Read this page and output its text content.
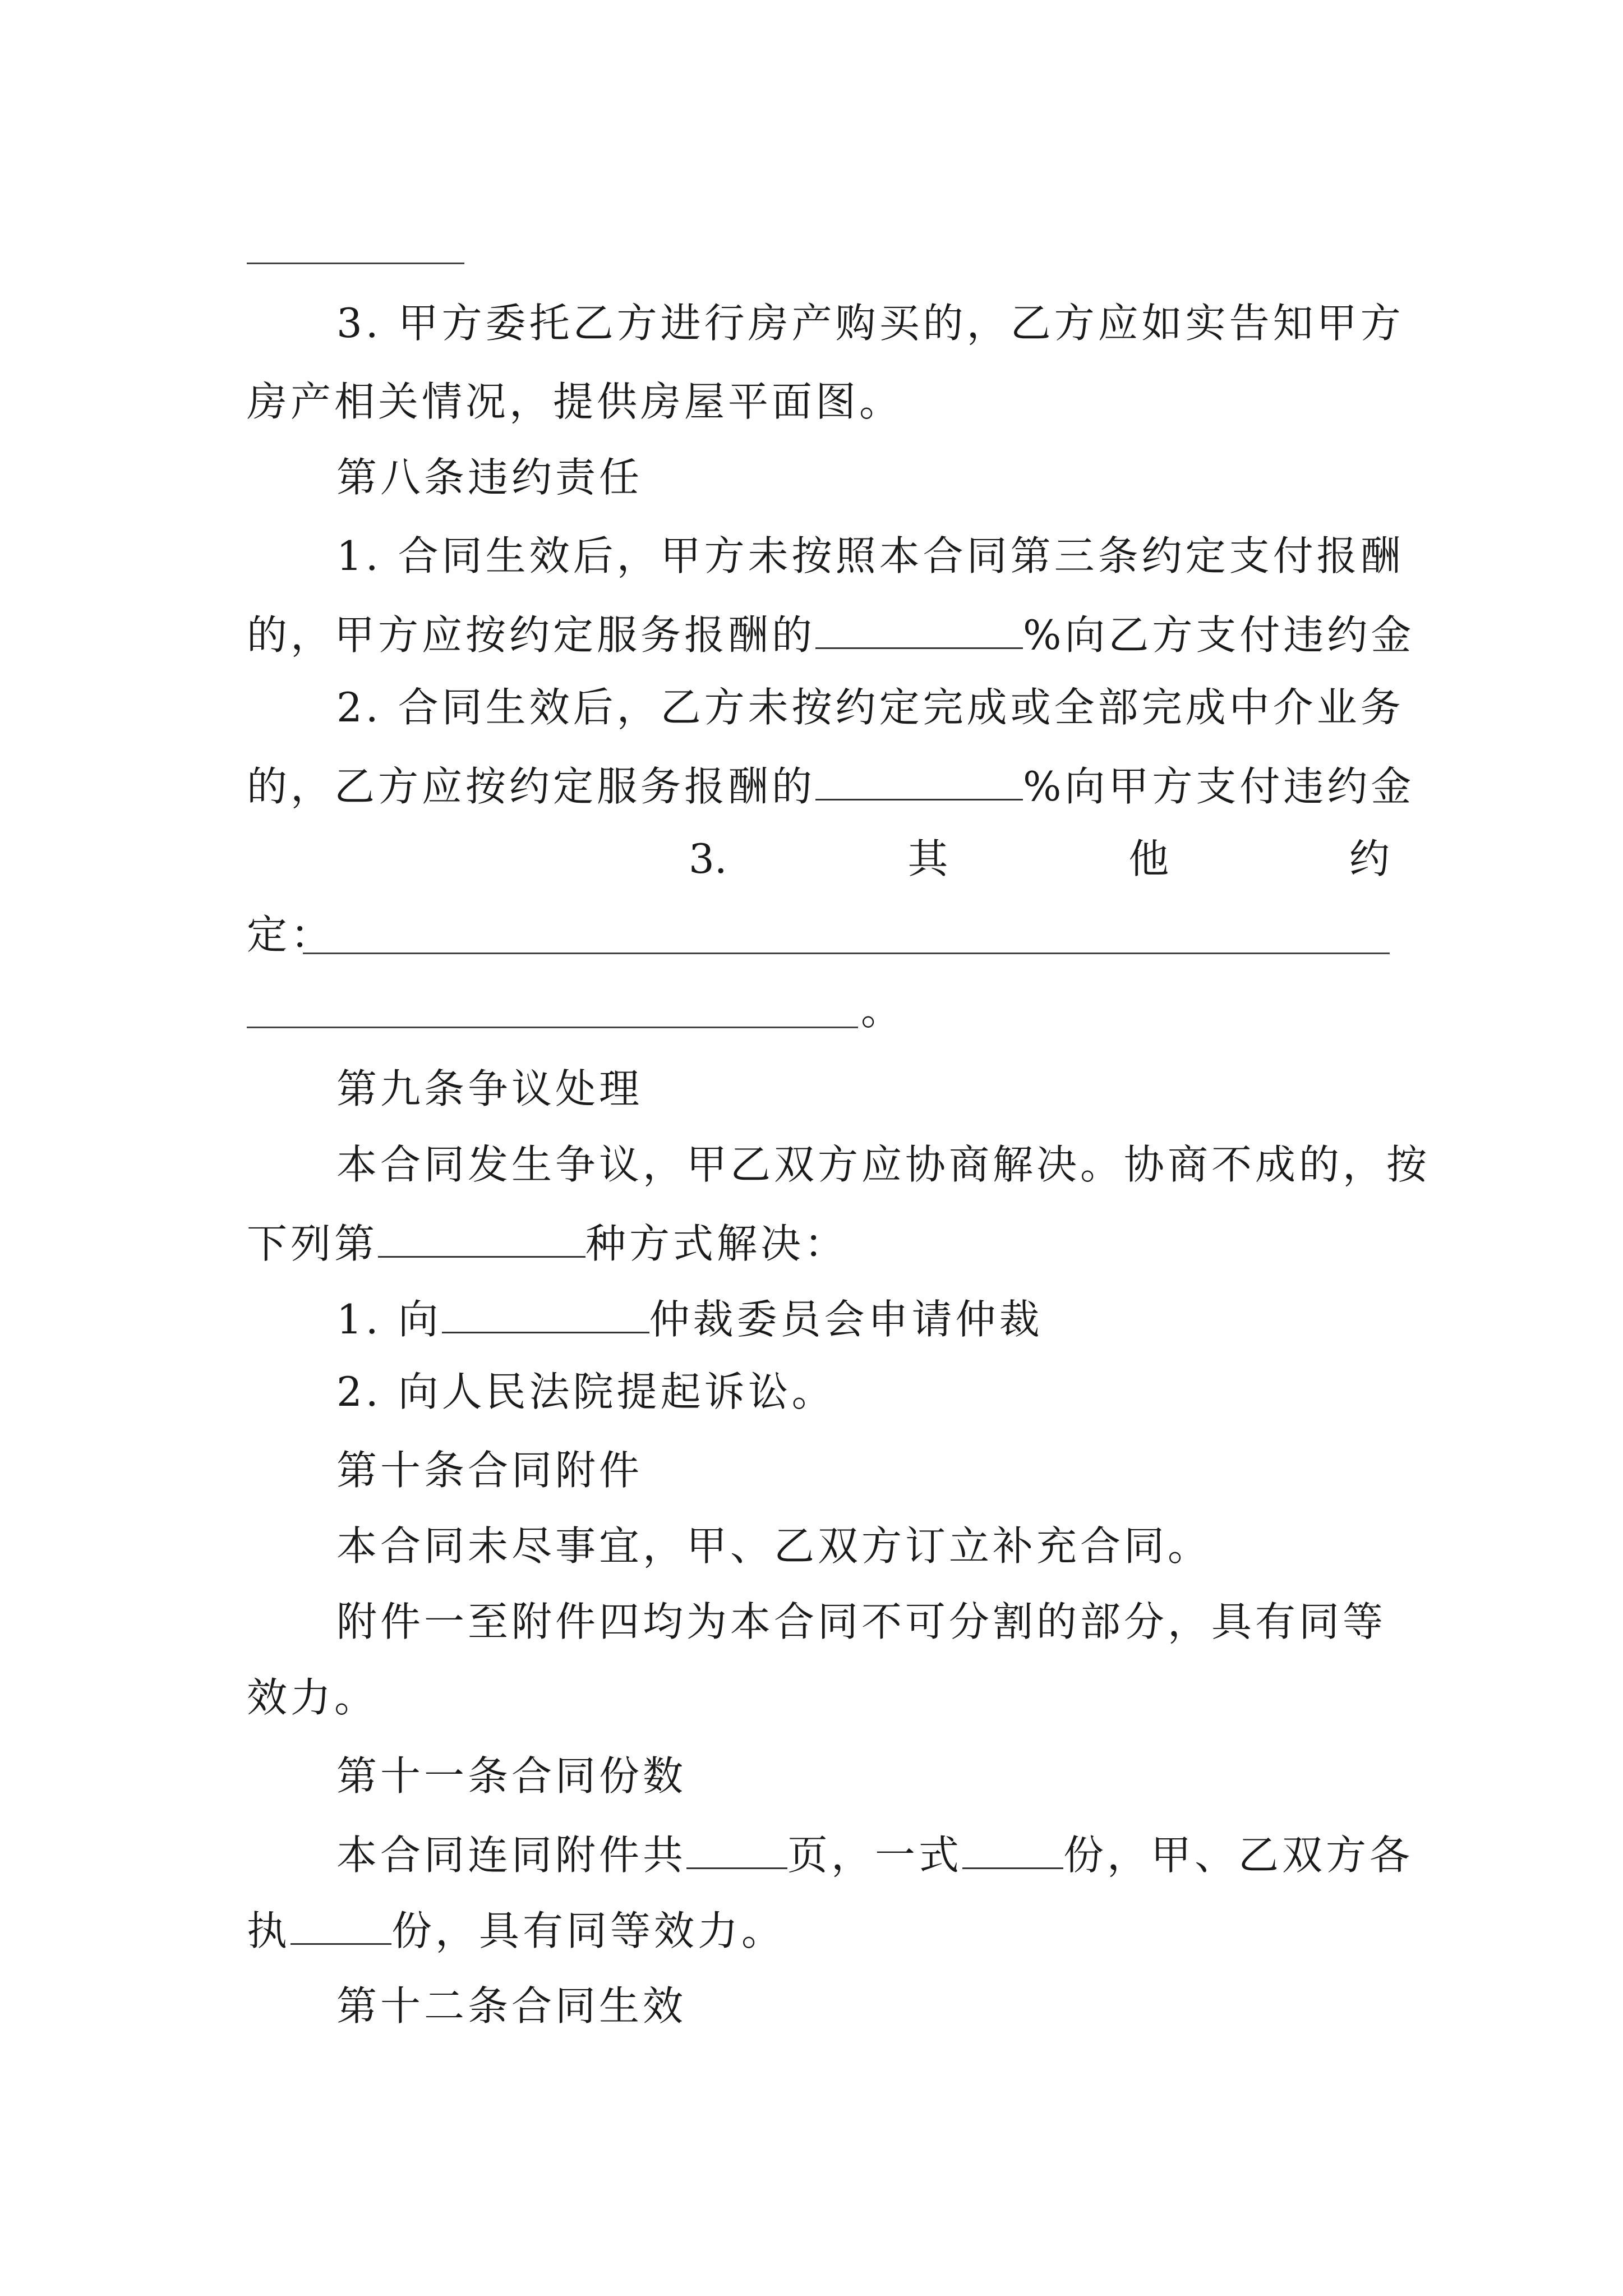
3. 甲方委托乙方进行房产购买的，乙方应如实告知甲方
房产相关情况，提供房屋平面图。
第八条违约责任
1. 合同生效后，甲方未按照本合同第三条约定支付报酬
的，甲方应按约定服务报酬的	%向乙方支付违约金
2. 合同生效后，乙方未按约定完成或全部完成中介业务
的，乙方应按约定服务报酬的	%向甲方支付违约金
3.	其	他	约
定：
。
第九条争议处理
本合同发生争议，甲乙双方应协商解决。协商不成的，按
下列第	种方式解决：
1. 向	仲裁委员会申请仲裁
2. 向人民法院提起诉讼。
第十条合同附件
本合同未尽事宜，甲、乙双方订立补充合同。
附件一至附件四均为本合同不可分割的部分，具有同等
效力。
第十一条合同份数
本合同连同附件共	页，一式	份，甲、乙双方各
执	份，具有同等效力。
第十二条合同生效
